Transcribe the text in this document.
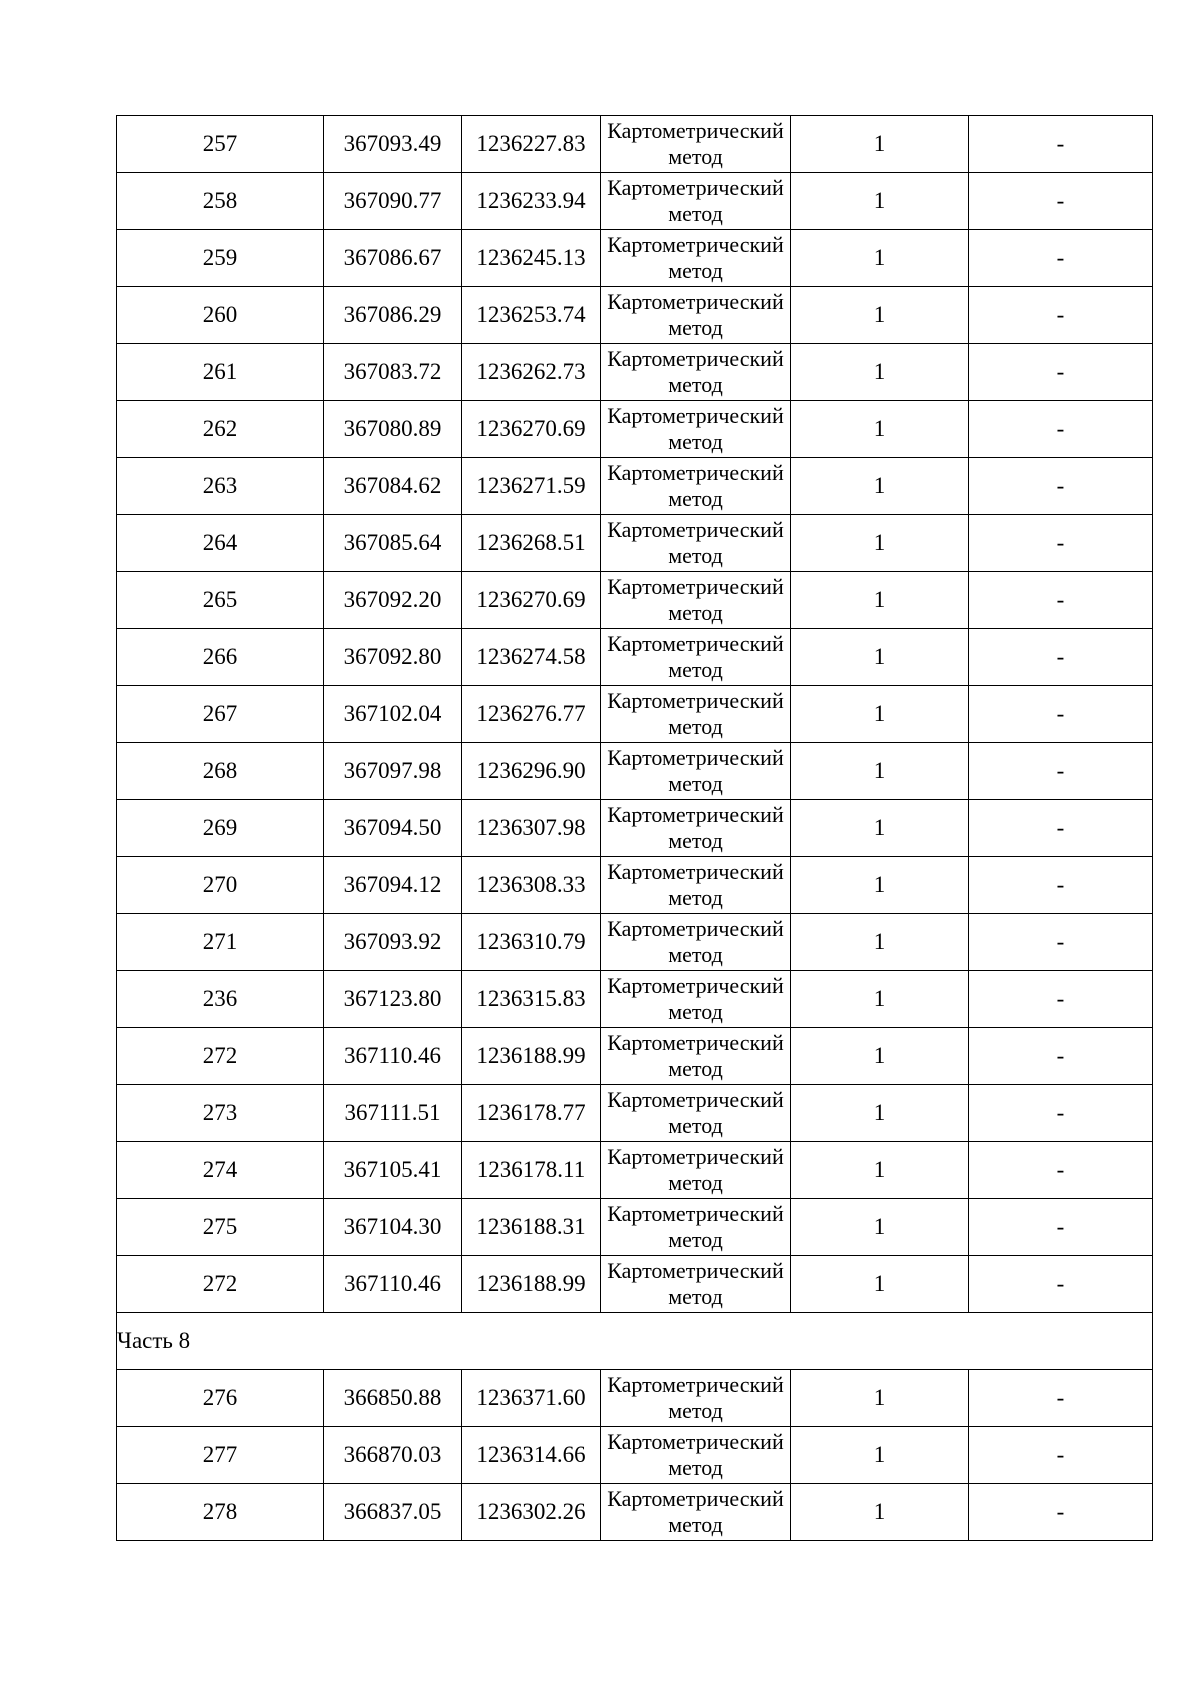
257	367093.49	1236227.83	Картометрический метод	1	-
258	367090.77	1236233.94	Картометрический метод	1	-
259	367086.67	1236245.13	Картометрический метод	1	-
260	367086.29	1236253.74	Картометрический метод	1	-
261	367083.72	1236262.73	Картометрический метод	1	-
262	367080.89	1236270.69	Картометрический метод	1	-
263	367084.62	1236271.59	Картометрический метод	1	-
264	367085.64	1236268.51	Картометрический метод	1	-
265	367092.20	1236270.69	Картометрический метод	1	-
266	367092.80	1236274.58	Картометрический метод	1	-
267	367102.04	1236276.77	Картометрический метод	1	-
268	367097.98	1236296.90	Картометрический метод	1	-
269	367094.50	1236307.98	Картометрический метод	1	-
270	367094.12	1236308.33	Картометрический метод	1	-
271	367093.92	1236310.79	Картометрический метод	1	-
236	367123.80	1236315.83	Картометрический метод	1	-
272	367110.46	1236188.99	Картометрический метод	1	-
273	367111.51	1236178.77	Картометрический метод	1	-
274	367105.41	1236178.11	Картометрический метод	1	-
275	367104.30	1236188.31	Картометрический метод	1	-
272	367110.46	1236188.99	Картометрический метод	1	-
Часть 8					
276	366850.88	1236371.60	Картометрический метод	1	-
277	366870.03	1236314.66	Картометрический метод	1	-
278	366837.05	1236302.26	Картометрический метод	1	-
